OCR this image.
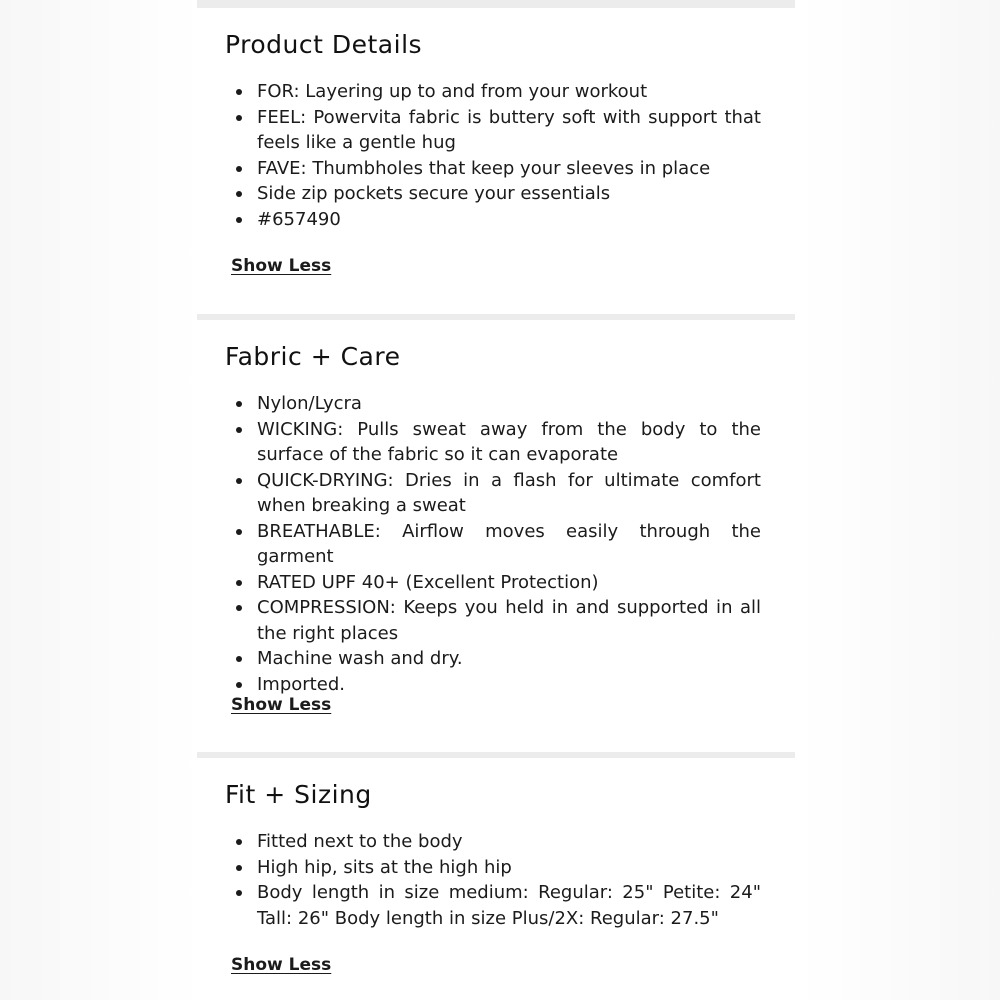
Product Details
FOR: Layering up to and from your workout
FEEL: Powervita fabric is buttery soft with support that feels like a gentle hug
FAVE: Thumbholes that keep your sleeves in place
Side zip pockets secure your essentials
#657490
Show Less
Fabric + Care
Nylon/Lycra
WICKING: Pulls sweat away from the body to the surface of the fabric so it can evaporate
QUICK-DRYING: Dries in a flash for ultimate comfort when breaking a sweat
BREATHABLE: Airflow moves easily through the garment
RATED UPF 40+ (Excellent Protection)
COMPRESSION: Keeps you held in and supported in all the right places
Machine wash and dry.
Imported.
Show Less
Fit + Sizing
Fitted next to the body
High hip, sits at the high hip
Body length in size medium: Regular: 25" Petite: 24" Tall: 26" Body length in size Plus/2X: Regular: 27.5"
Show Less
